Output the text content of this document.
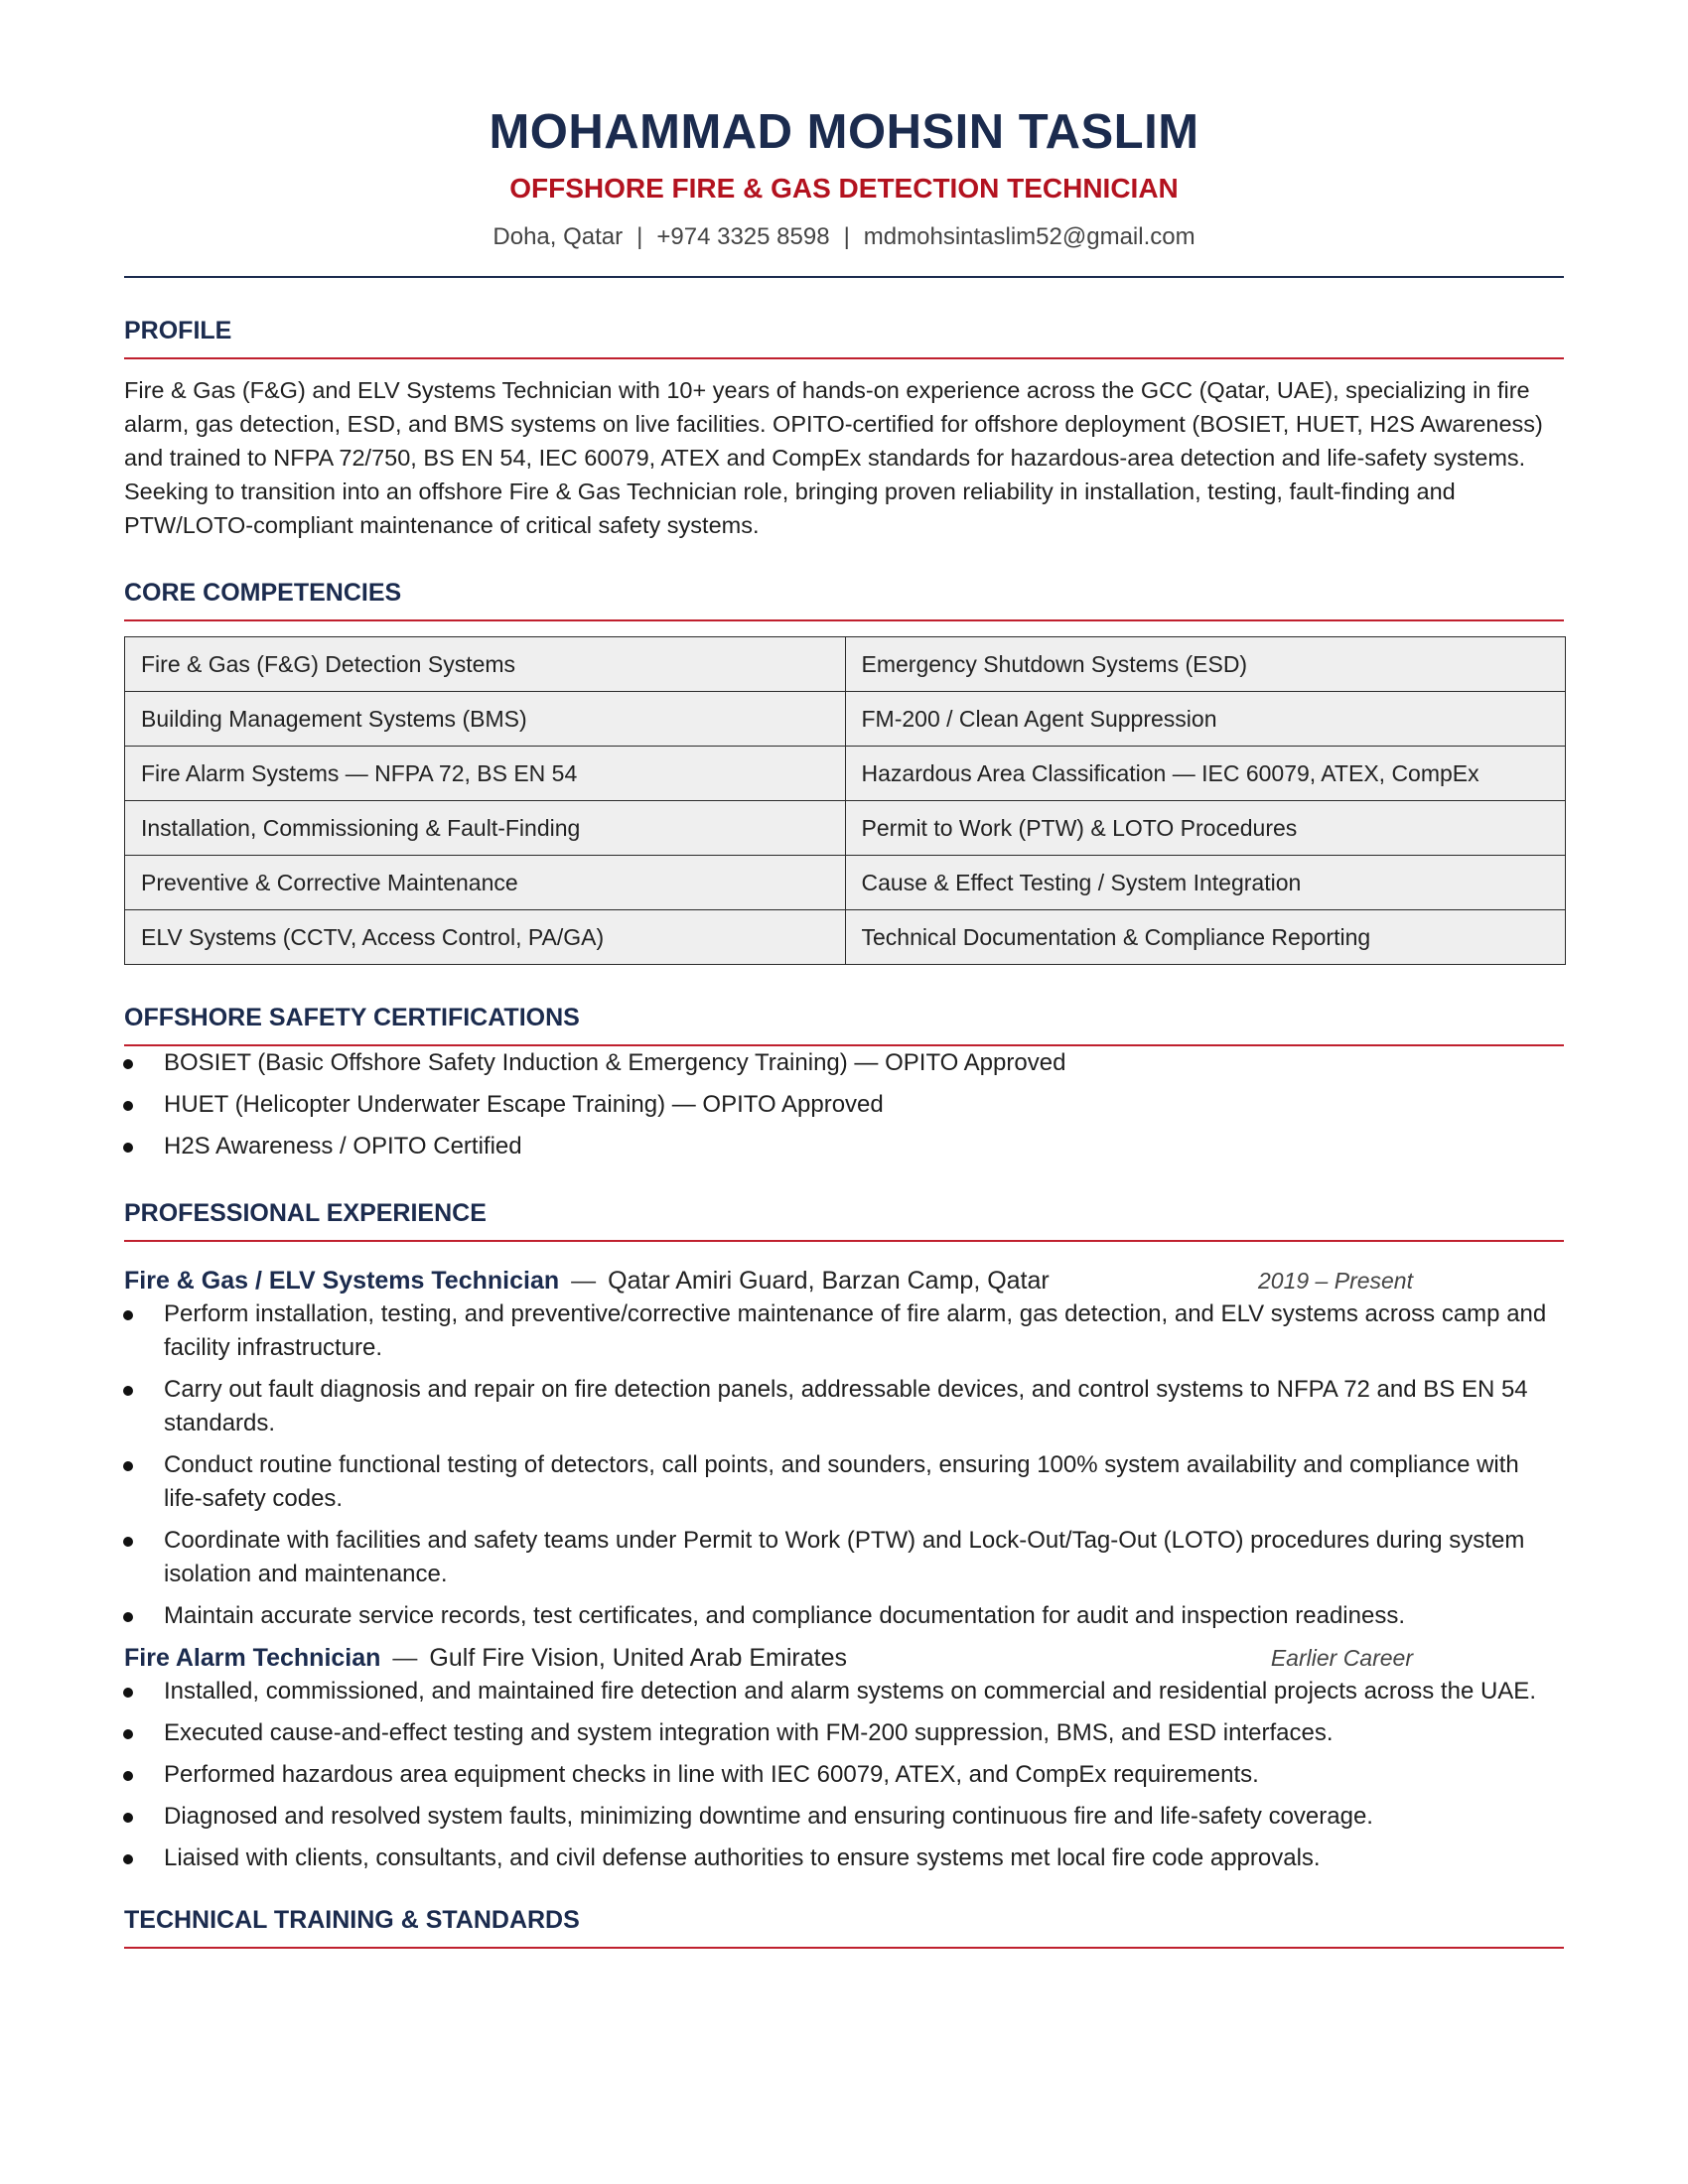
MOHAMMAD MOHSIN TASLIM
OFFSHORE FIRE & GAS DETECTION TECHNICIAN
Doha, Qatar | +974 3325 8598 | mdmohsintaslim52@gmail.com
PROFILE
Fire & Gas (F&G) and ELV Systems Technician with 10+ years of hands-on experience across the GCC (Qatar, UAE), specializing in fire alarm, gas detection, ESD, and BMS systems on live facilities. OPITO-certified for offshore deployment (BOSIET, HUET, H2S Awareness) and trained to NFPA 72/750, BS EN 54, IEC 60079, ATEX and CompEx standards for hazardous-area detection and life-safety systems. Seeking to transition into an offshore Fire & Gas Technician role, bringing proven reliability in installation, testing, fault-finding and PTW/LOTO-compliant maintenance of critical safety systems.
CORE COMPETENCIES
Fire & Gas (F&G) Detection Systems	Emergency Shutdown Systems (ESD)
Building Management Systems (BMS)	FM-200 / Clean Agent Suppression
Fire Alarm Systems — NFPA 72, BS EN 54	Hazardous Area Classification — IEC 60079, ATEX, CompEx
Installation, Commissioning & Fault-Finding	Permit to Work (PTW) & LOTO Procedures
Preventive & Corrective Maintenance	Cause & Effect Testing / System Integration
ELV Systems (CCTV, Access Control, PA/GA)	Technical Documentation & Compliance Reporting
OFFSHORE SAFETY CERTIFICATIONS
BOSIET (Basic Offshore Safety Induction & Emergency Training) — OPITO Approved
HUET (Helicopter Underwater Escape Training) — OPITO Approved
H2S Awareness / OPITO Certified
PROFESSIONAL EXPERIENCE
Fire & Gas / ELV Systems Technician — Qatar Amiri Guard, Barzan Camp, Qatar	2019 – Present
Perform installation, testing, and preventive/corrective maintenance of fire alarm, gas detection, and ELV systems across camp and facility infrastructure.
Carry out fault diagnosis and repair on fire detection panels, addressable devices, and control systems to NFPA 72 and BS EN 54 standards.
Conduct routine functional testing of detectors, call points, and sounders, ensuring 100% system availability and compliance with life-safety codes.
Coordinate with facilities and safety teams under Permit to Work (PTW) and Lock-Out/Tag-Out (LOTO) procedures during system isolation and maintenance.
Maintain accurate service records, test certificates, and compliance documentation for audit and inspection readiness.
Fire Alarm Technician — Gulf Fire Vision, United Arab Emirates	Earlier Career
Installed, commissioned, and maintained fire detection and alarm systems on commercial and residential projects across the UAE.
Executed cause-and-effect testing and system integration with FM-200 suppression, BMS, and ESD interfaces.
Performed hazardous area equipment checks in line with IEC 60079, ATEX, and CompEx requirements.
Diagnosed and resolved system faults, minimizing downtime and ensuring continuous fire and life-safety coverage.
Liaised with clients, consultants, and civil defense authorities to ensure systems met local fire code approvals.
TECHNICAL TRAINING & STANDARDS
